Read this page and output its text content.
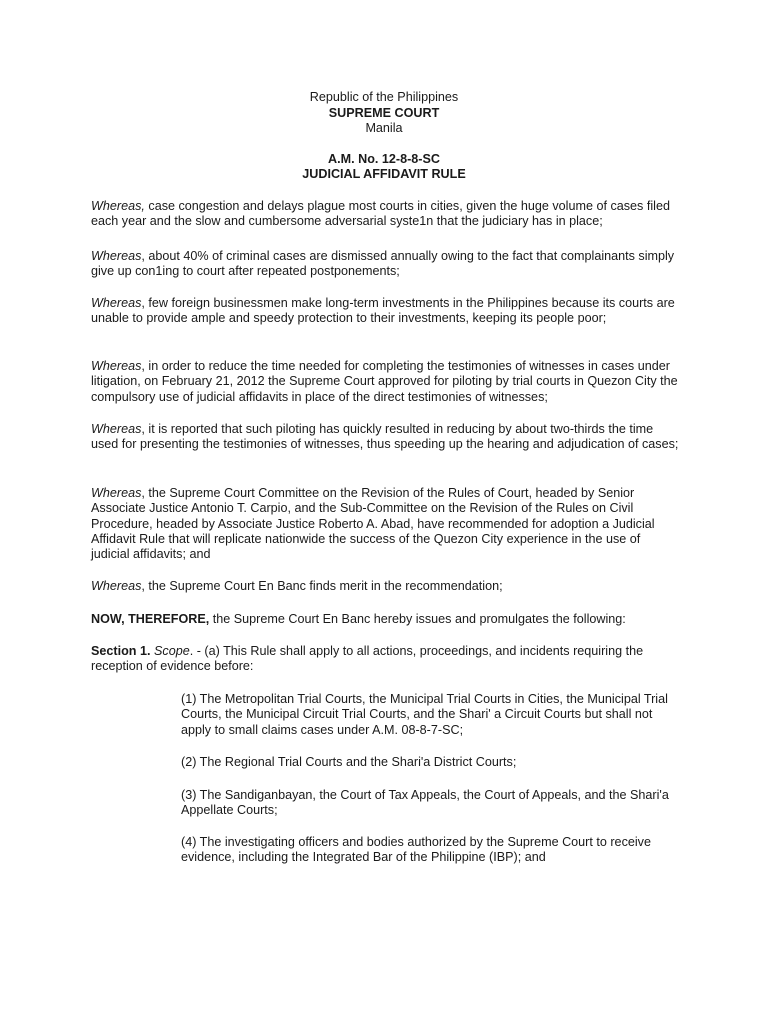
Republic of the Philippines
SUPREME COURT
Manila
A.M. No. 12-8-8-SC
JUDICIAL AFFIDAVIT RULE

Whereas, case congestion and delays plague most courts in cities, given the huge volume of cases filed each year and the slow and cumbersome adversarial syste1n that the judiciary has in place;

Whereas, about 40% of criminal cases are dismissed annually owing to the fact that complainants simply give up con1ing to court after repeated postponements;

Whereas, few foreign businessmen make long-term investments in the Philippines because its courts are unable to provide ample and speedy protection to their investments, keeping its people poor;

Whereas, in order to reduce the time needed for completing the testimonies of witnesses in cases under litigation, on February 21, 2012 the Supreme Court approved for piloting by trial courts in Quezon City the compulsory use of judicial affidavits in place of the direct testimonies of witnesses;

Whereas, it is reported that such piloting has quickly resulted in reducing by about two-thirds the time used for presenting the testimonies of witnesses, thus speeding up the hearing and adjudication of cases;

Whereas, the Supreme Court Committee on the Revision of the Rules of Court, headed by Senior Associate Justice Antonio T. Carpio, and the Sub-Committee on the Revision of the Rules on Civil Procedure, headed by Associate Justice Roberto A. Abad, have recommended for adoption a Judicial Affidavit Rule that will replicate nationwide the success of the Quezon City experience in the use of judicial affidavits; and

Whereas, the Supreme Court En Banc finds merit in the recommendation;

NOW, THEREFORE, the Supreme Court En Banc hereby issues and promulgates the following:

Section 1. Scope. - (a) This Rule shall apply to all actions, proceedings, and incidents requiring the reception of evidence before:

(1) The Metropolitan Trial Courts, the Municipal Trial Courts in Cities, the Municipal Trial Courts, the Municipal Circuit Trial Courts, and the Shari' a Circuit Courts but shall not apply to small claims cases under A.M. 08-8-7-SC;

(2) The Regional Trial Courts and the Shari'a District Courts;

(3) The Sandiganbayan, the Court of Tax Appeals, the Court of Appeals, and the Shari'a Appellate Courts;

(4) The investigating officers and bodies authorized by the Supreme Court to receive evidence, including the Integrated Bar of the Philippine (IBP); and
